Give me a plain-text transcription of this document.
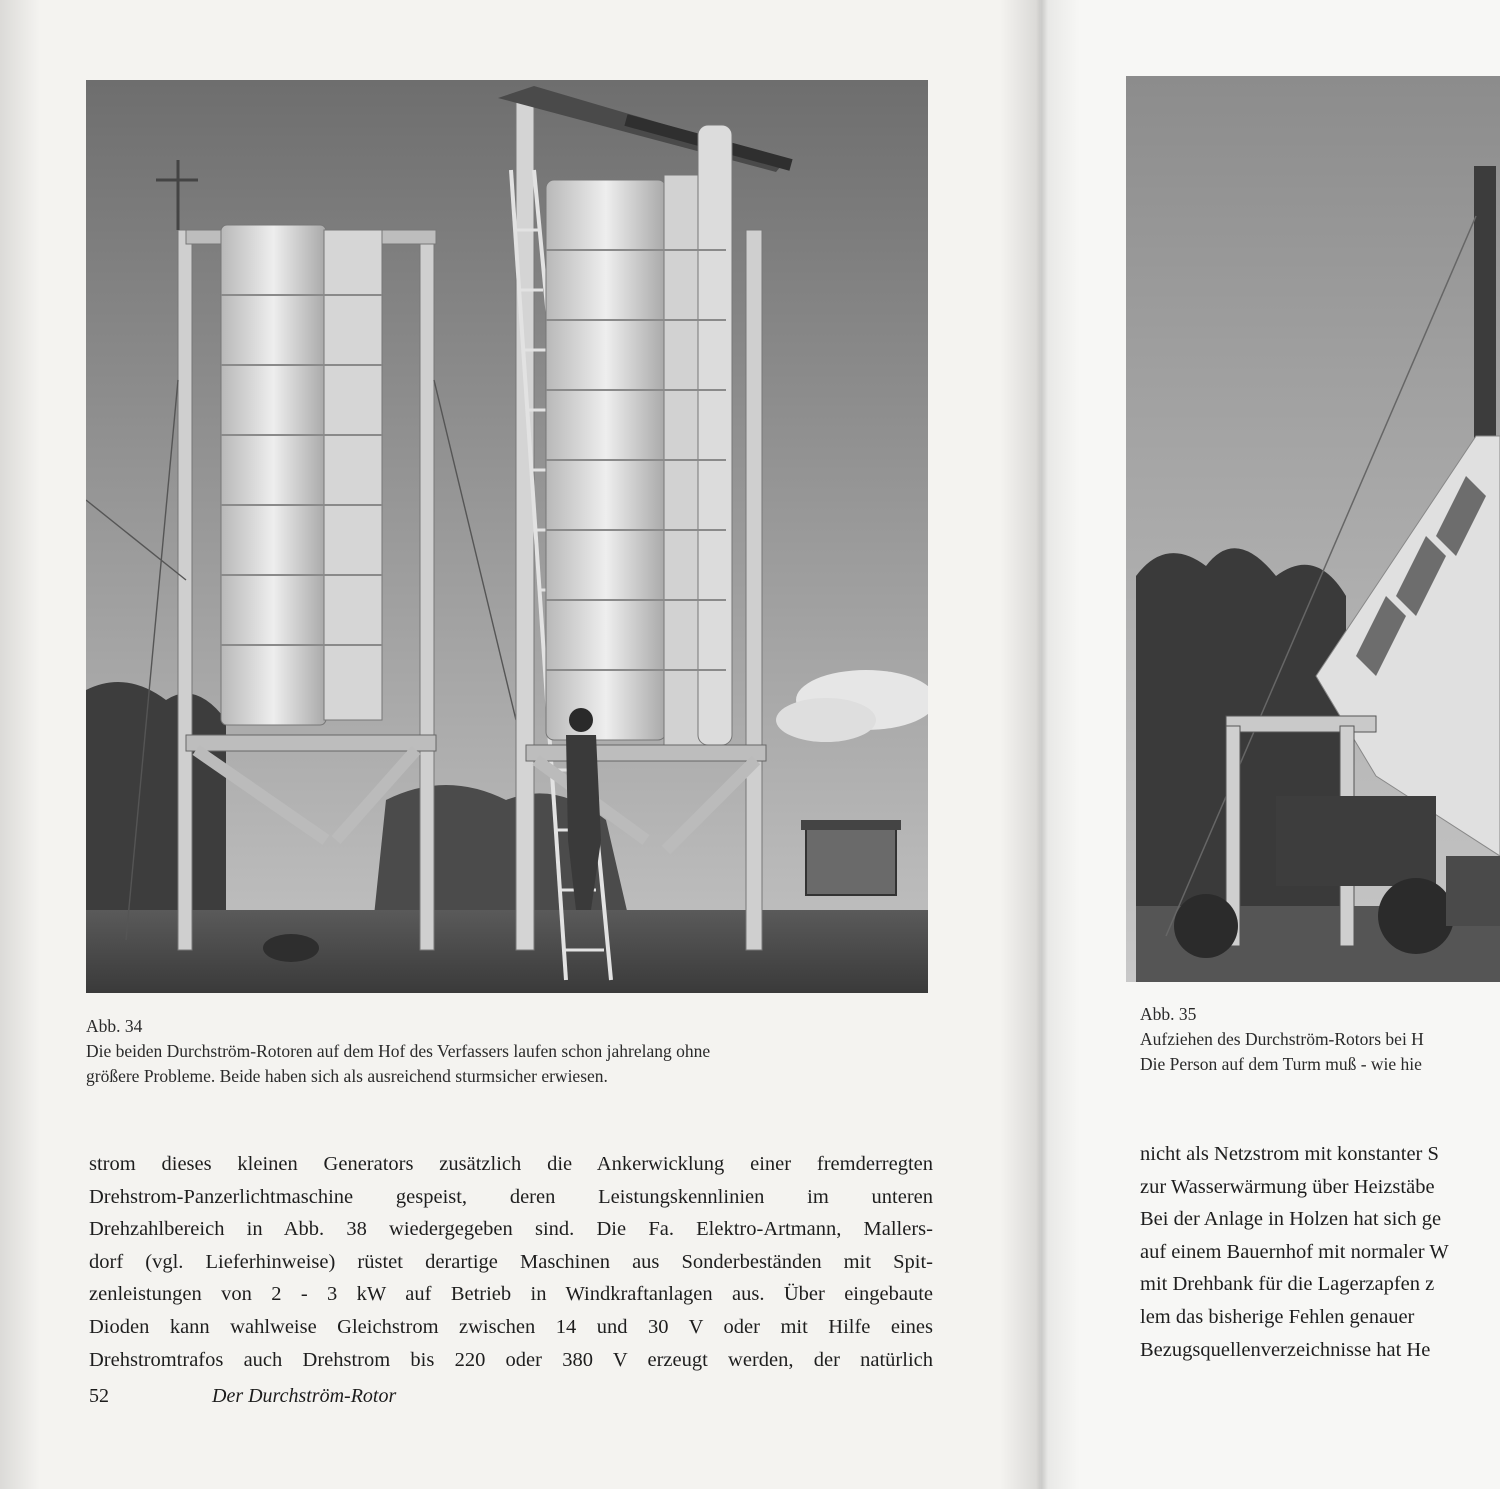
Abb. 34
Die beiden Durchström-Rotoren auf dem Hof des Verfassers laufen schon jahrelang ohne
größere Probleme. Beide haben sich als ausreichend sturmsicher erwiesen.
strom dieses kleinen Generators zusätzlich die Ankerwicklung einer fremderregten
Drehstrom-Panzerlichtmaschine gespeist, deren Leistungskennlinien im unteren
Drehzahlbereich in Abb. 38 wiedergegeben sind. Die Fa. Elektro-Artmann, Mallers-
dorf (vgl. Lieferhinweise) rüstet derartige Maschinen aus Sonderbeständen mit Spit-
zenleistungen von 2 - 3 kW auf Betrieb in Windkraftanlagen aus. Über eingebaute
Dioden kann wahlweise Gleichstrom zwischen 14 und 30 V oder mit Hilfe eines
Drehstromtrafos auch Drehstrom bis 220 oder 380 V erzeugt werden, der natürlich
52	Der Durchström-Rotor
Abb. 35
Aufziehen des Durchström-Rotors bei H
Die Person auf dem Turm muß - wie hie
nicht als Netzstrom mit konstanter S
zur Wasserwärmung über Heizstäbe
Bei der Anlage in Holzen hat sich ge
auf einem Bauernhof mit normaler W
mit Drehbank für die Lagerzapfen z
lem das bisherige Fehlen genauer
Bezugsquellenverzeichnisse hat He
